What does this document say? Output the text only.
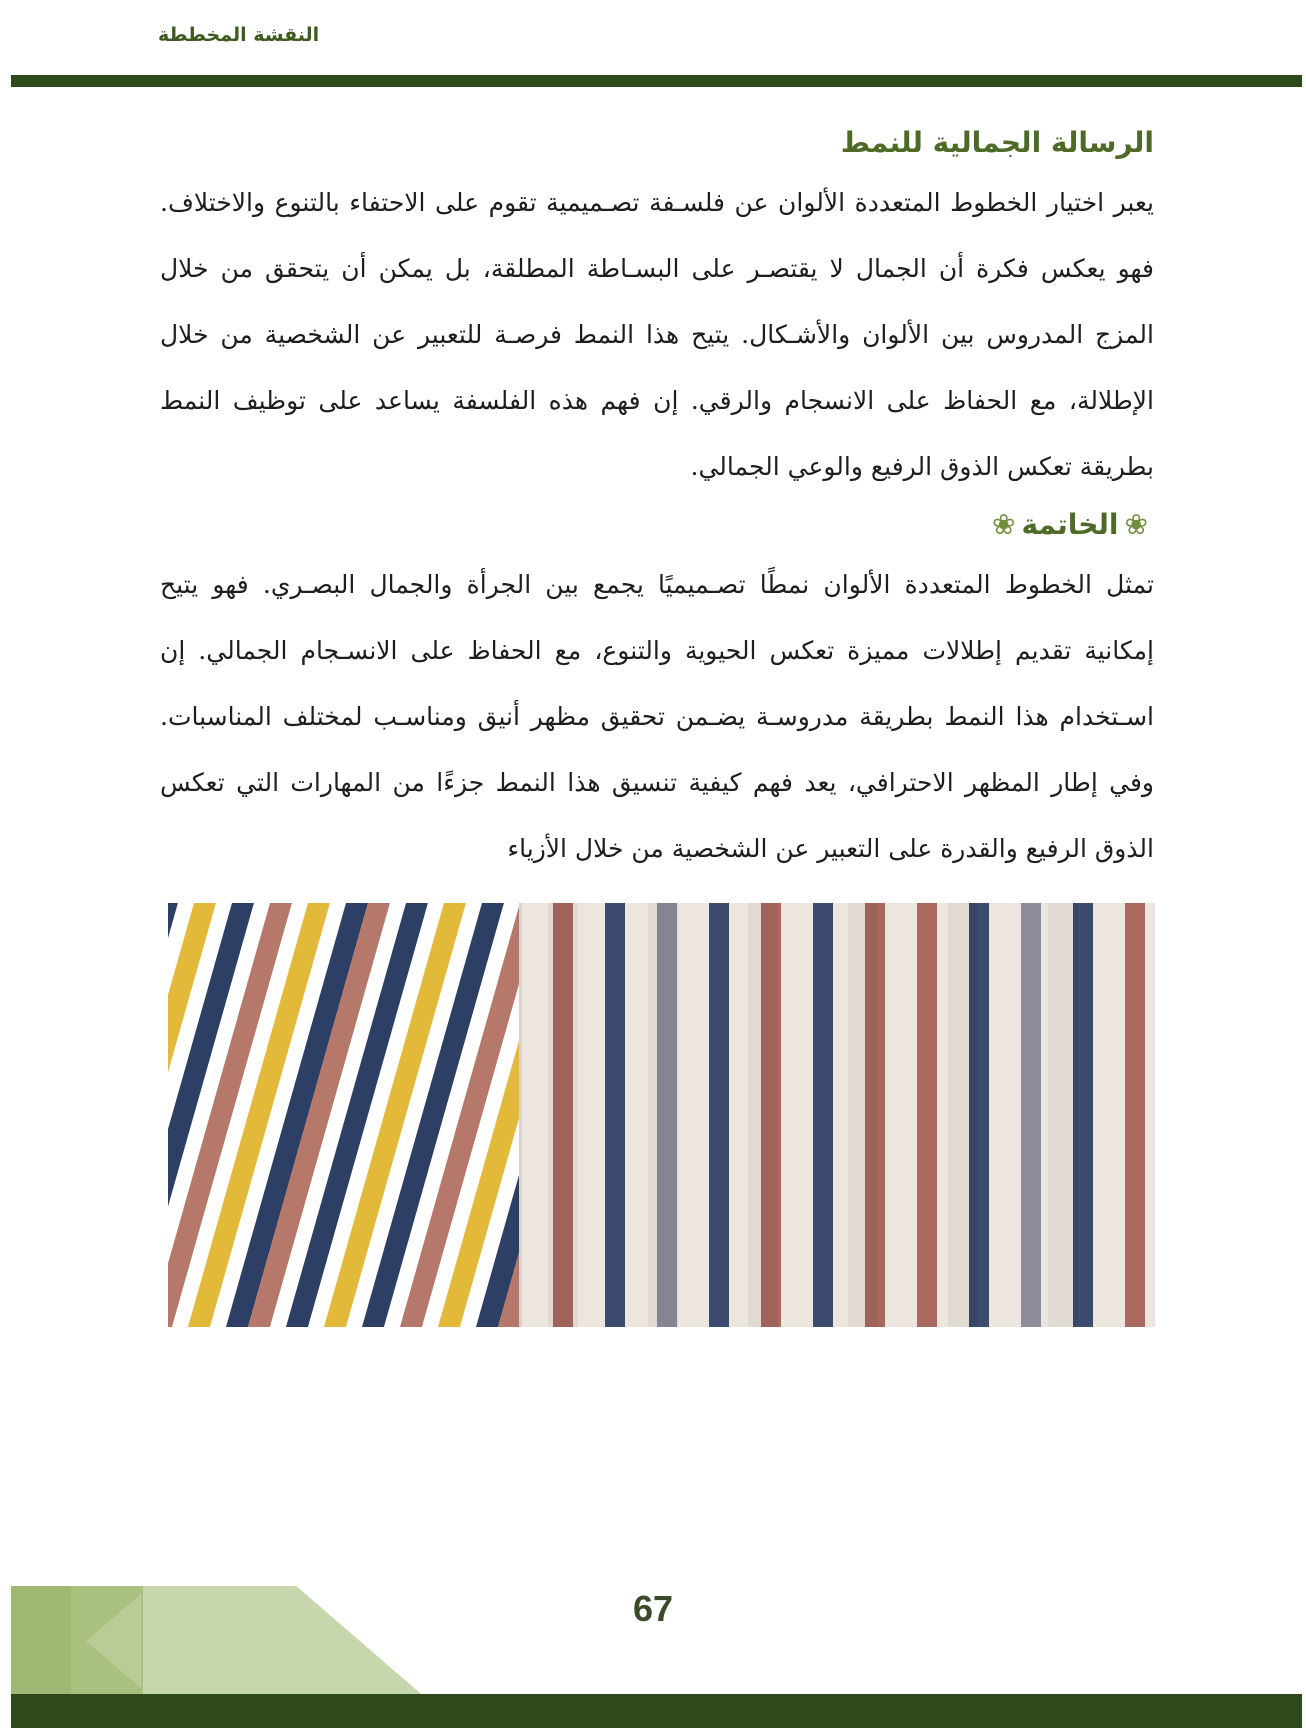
النقشة المخططة
الرسالة الجمالية للنمط

يعبر اختيار الخطوط المتعددة الألوان عن فلسـفة تصـميمية تقوم على الاحتفاء بالتنوع والاختلاف. فهو يعكس فكرة أن الجمال لا يقتصـر على البسـاطة المطلقة، بل يمكن أن يتحقق من خلال المزج المدروس بين الألوان والأشـكال. يتيح هذا النمط فرصـة للتعبير عن الشخصية من خلال الإطلالة، مع الحفاظ على الانسجام والرقي. إن فهم هذه الفلسفة يساعد على توظيف النمط بطريقة تعكس الذوق الرفيع والوعي الجمالي.

❀الخاتمة❀

تمثل الخطوط المتعددة الألوان نمطًا تصـميميًا يجمع بين الجرأة والجمال البصـري. فهو يتيح إمكانية تقديم إطلالات مميزة تعكس الحيوية والتنوع، مع الحفاظ على الانسـجام الجمالي. إن اسـتخدام هذا النمط بطريقة مدروسـة يضـمن تحقيق مظهر أنيق ومناسـب لمختلف المناسبات. وفي إطار المظهر الاحترافي، يعد فهم كيفية تنسيق هذا النمط جزءًا من المهارات التي تعكس الذوق الرفيع والقدرة على التعبير عن الشخصية من خلال الأزياء

67
